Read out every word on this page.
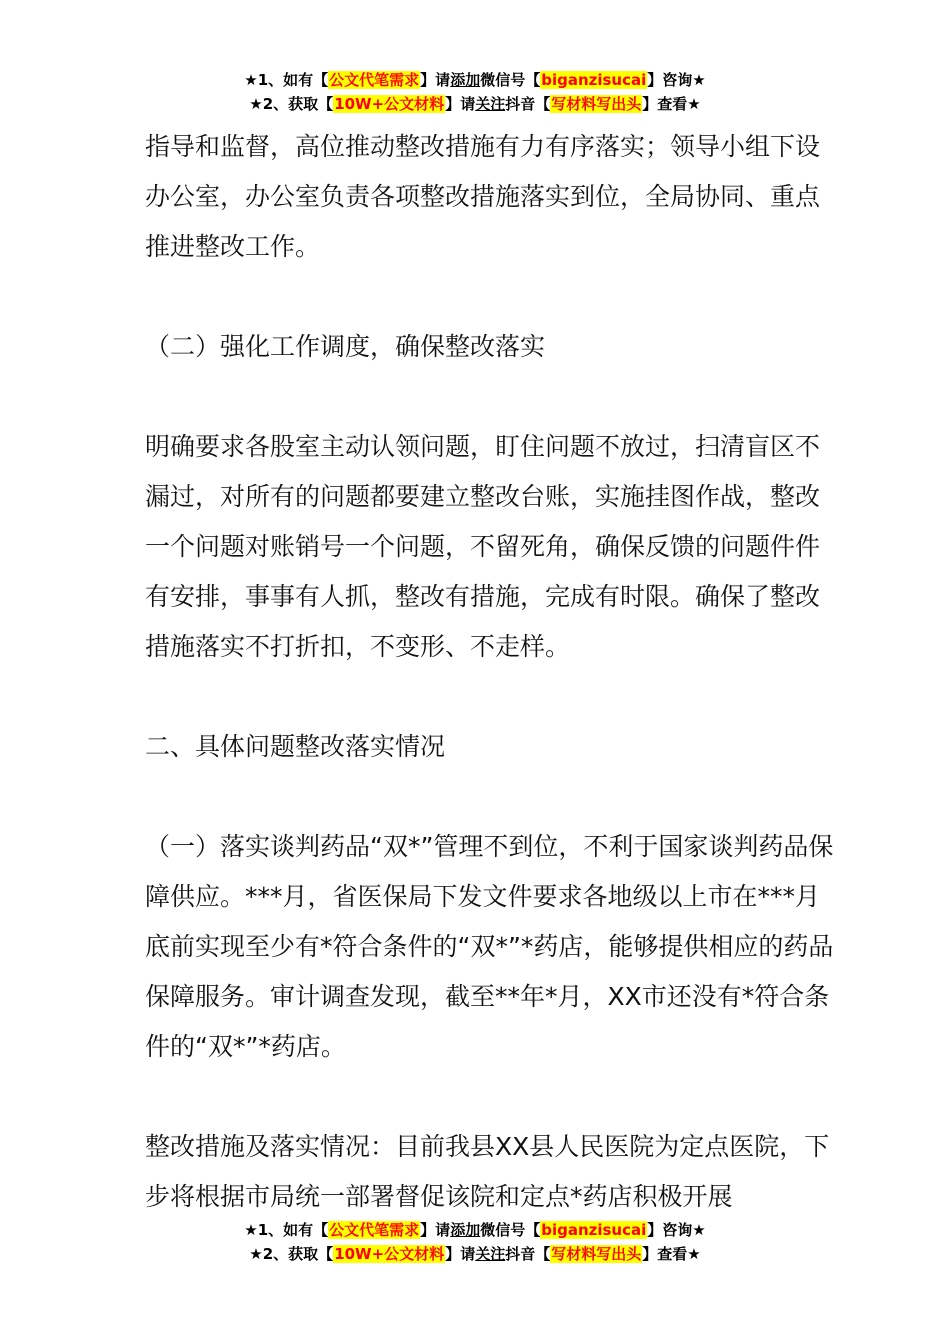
★1、如有【公文代笔需求】请添加微信号【biganzisucai】咨询★
★2、获取【10W+公文材料】请关注抖音【写材料写出头】查看★

指导和监督，高位推动整改措施有力有序落实；领导小组下设办公室，办公室负责各项整改措施落实到位，全局协同、重点推进整改工作。

（二）强化工作调度，确保整改落实

明确要求各股室主动认领问题，盯住问题不放过，扫清盲区不漏过，对所有的问题都要建立整改台账，实施挂图作战，整改一个问题对账销号一个问题，不留死角，确保反馈的问题件件有安排，事事有人抓，整改有措施，完成有时限。确保了整改措施落实不打折扣，不变形、不走样。

二、具体问题整改落实情况

（一）落实谈判药品“双*”管理不到位，不利于国家谈判药品保障供应。***月，省医保局下发文件要求各地级以上市在***月底前实现至少有*符合条件的“双*”*药店，能够提供相应的药品保障服务。审计调查发现，截至**年*月，XX市还没有*符合条件的“双*”*药店。

整改措施及落实情况：目前我县XX县人民医院为定点医院，下步将根据市局统一部署督促该院和定点*药店积极开展

★1、如有【公文代笔需求】请添加微信号【biganzisucai】咨询★
★2、获取【10W+公文材料】请关注抖音【写材料写出头】查看★
